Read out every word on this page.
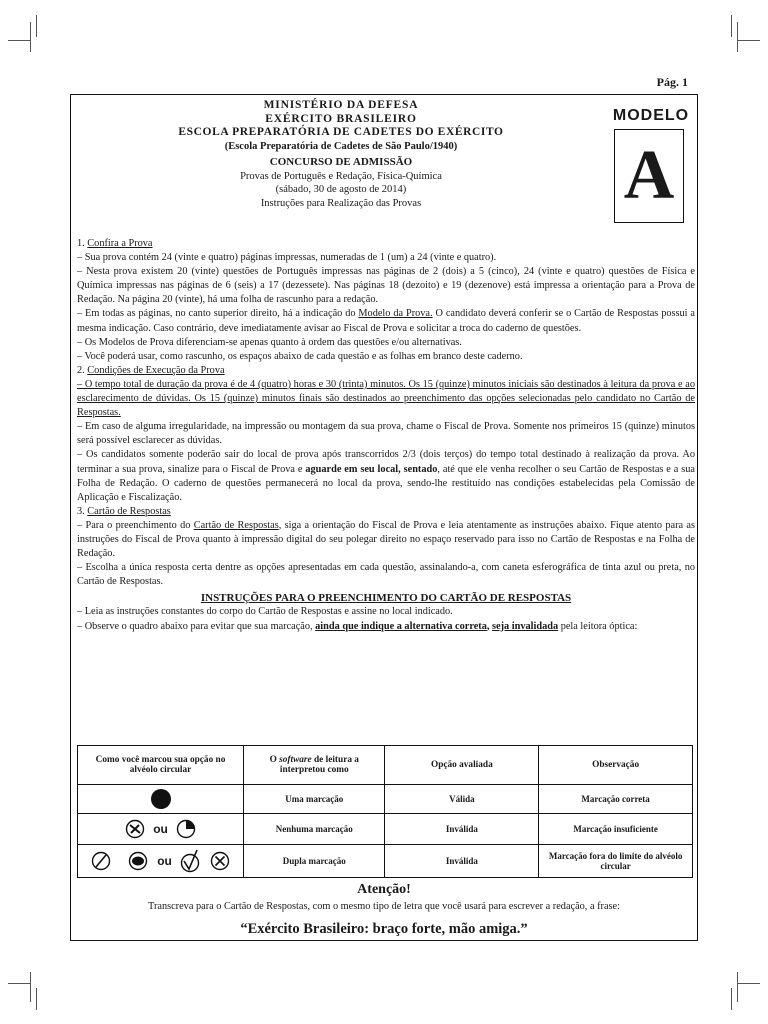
Pág. 1
MINISTÉRIO DA DEFESA
EXÉRCITO BRASILEIRO
ESCOLA PREPARATÓRIA DE CADETES DO EXÉRCITO
(Escola Preparatória de Cadetes de São Paulo/1940)
CONCURSO DE ADMISSÃO
Provas de Português e Redação, Física-Química
(sábado, 30 de agosto de 2014)
Instruções para Realização das Provas
MODELO
A

1. Confira a Prova

– Sua prova contém 24 (vinte e quatro) páginas impressas, numeradas de 1 (um) a 24 (vinte e quatro).

– Nesta prova existem 20 (vinte) questões de Português impressas nas páginas de 2 (dois) a 5 (cinco), 24 (vinte e quatro) questões de Física e Química impressas nas páginas de 6 (seis) a 17 (dezessete). Nas páginas 18 (dezoito) e 19 (dezenove) está impressa a orientação para a Prova de Redação. Na página 20 (vinte), há uma folha de rascunho para a redação.

– Em todas as páginas, no canto superior direito, há a indicação do Modelo da Prova. O candidato deverá conferir se o Cartão de Respostas possui a mesma indicação. Caso contrário, deve imediatamente avisar ao Fiscal de Prova e solicitar a troca do caderno de questões.

– Os Modelos de Prova diferenciam-se apenas quanto à ordem das questões e/ou alternativas.

– Você poderá usar, como rascunho, os espaços abaixo de cada questão e as folhas em branco deste caderno.

2. Condições de Execução da Prova

– O tempo total de duração da prova é de 4 (quatro) horas e 30 (trinta) minutos. Os 15 (quinze) minutos iniciais são destinados à leitura da prova e ao esclarecimento de dúvidas. Os 15 (quinze) minutos finais são destinados ao preenchimento das opções selecionadas pelo candidato no Cartão de Respostas.

– Em caso de alguma irregularidade, na impressão ou montagem da sua prova, chame o Fiscal de Prova. Somente nos primeiros 15 (quinze) minutos será possível esclarecer as dúvidas.

– Os candidatos somente poderão sair do local de prova após transcorridos 2/3 (dois terços) do tempo total destinado à realização da prova. Ao terminar a sua prova, sinalize para o Fiscal de Prova e aguarde em seu local, sentado, até que ele venha recolher o seu Cartão de Respostas e a sua Folha de Redação. O caderno de questões permanecerá no local da prova, sendo-lhe restituído nas condições estabelecidas pela Comissão de Aplicação e Fiscalização.

3. Cartão de Respostas

– Para o preenchimento do Cartão de Respostas, siga a orientação do Fiscal de Prova e leia atentamente as instruções abaixo. Fique atento para as instruções do Fiscal de Prova quanto à impressão digital do seu polegar direito no espaço reservado para isso no Cartão de Respostas e na Folha de Redação.

– Escolha a única resposta certa dentre as opções apresentadas em cada questão, assinalando-a, com caneta esferográfica de tinta azul ou preta, no Cartão de Respostas.

INSTRUÇÕES PARA O PREENCHIMENTO DO CARTÃO DE RESPOSTAS

– Leia as instruções constantes do corpo do Cartão de Respostas e assine no local indicado.

– Observe o quadro abaixo para evitar que sua marcação, ainda que indique a alternativa correta, seja invalidada pela leitora óptica:

Como você marcou sua opção no alvéolo circular	O software de leitura a interpretou como	Opção avaliada	Observação
	Uma marcação	Válida	Marcação correta
ou	Nenhuma marcação	Inválida	Marcação insuficiente
ou	Dupla marcação	Inválida	Marcação fora do limite do alvéolo circular
Atenção!
Transcreva para o Cartão de Respostas, com o mesmo tipo de letra que você usará para escrever a redação, a frase:
“Exército Brasileiro: braço forte, mão amiga.”
